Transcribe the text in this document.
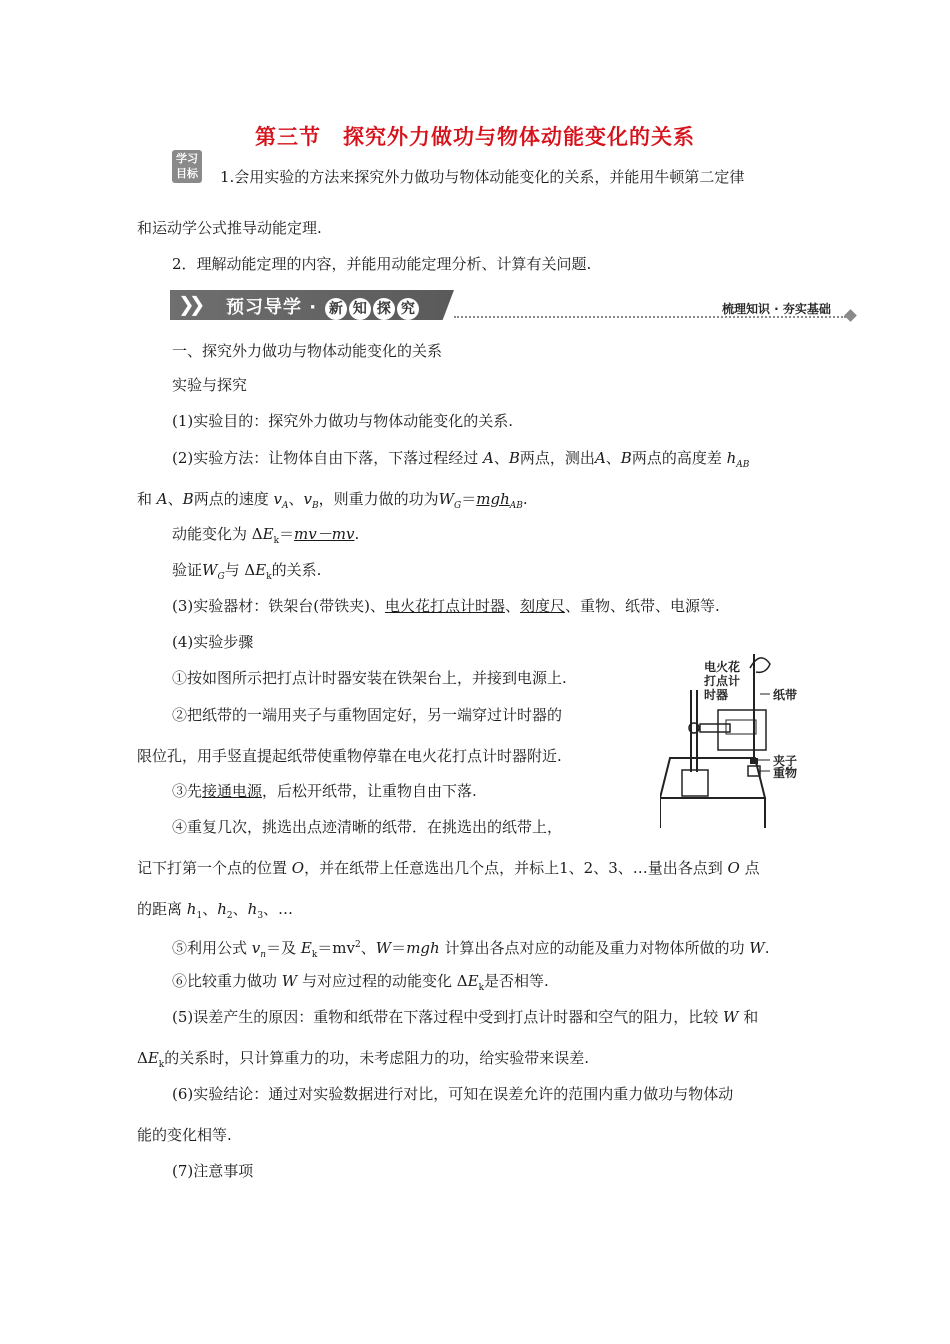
第三节　探究外力做功与物体动能变化的关系
学习
目标 1.会用实验的方法来探究外力做功与物体动能变化的关系，并能用牛顿第二定律
和运动学公式推导动能定理.
2．理解动能定理的内容，并能用动能定理分析、计算有关问题.
❯❯ 预习导学 · 新 知 探 究	梳理知识 · 夯实基础
一、探究外力做功与物体动能变化的关系
实验与探究
(1)实验目的：探究外力做功与物体动能变化的关系.
(2)实验方法：让物体自由下落，下落过程经过 A、B两点，测出A、B两点的高度差 $h_{AB}$
和 A、B两点的速度 $v_A$、$v_B$，则重力做的功为$W_G=mgh_{AB}$.
动能变化为 $\Delta E_k=mv-mv$.
验证$W_G$与 $\Delta E_k$的关系.
(3)实验器材：铁架台(带铁夹)、电火花打点计时器、刻度尺、重物、纸带、电源等.
(4)实验步骤
①按如图所示把打点计时器安装在铁架台上，并接到电源上.
②把纸带的一端用夹子与重物固定好，另一端穿过计时器的
限位孔，用手竖直提起纸带使重物停靠在电火花打点计时器附近.
③先接通电源，后松开纸带，让重物自由下落.
④重复几次，挑选出点迹清晰的纸带．在挑选出的纸带上，
记下打第一个点的位置 O，并在纸带上任意选出几个点，并标上1、2、3、…量出各点到 O 点
的距离 $h_1$、$h_2$、$h_3$、…
⑤利用公式 $v_n=$及 $E_k=mv^2$、W＝mgh 计算出各点对应的动能及重力对物体所做的功 W.
⑥比较重力做功 W 与对应过程的动能变化 $\Delta E_k$是否相等.
(5)误差产生的原因：重物和纸带在下落过程中受到打点计时器和空气的阻力，比较 W 和
$\Delta E_k$的关系时，只计算重力的功，未考虑阻力的功，给实验带来误差.
(6)实验结论：通过对实验数据进行对比，可知在误差允许的范围内重力做功与物体动
能的变化相等.
(7)注意事项
电火花
打点计
时器	纸带
夹子
重物
